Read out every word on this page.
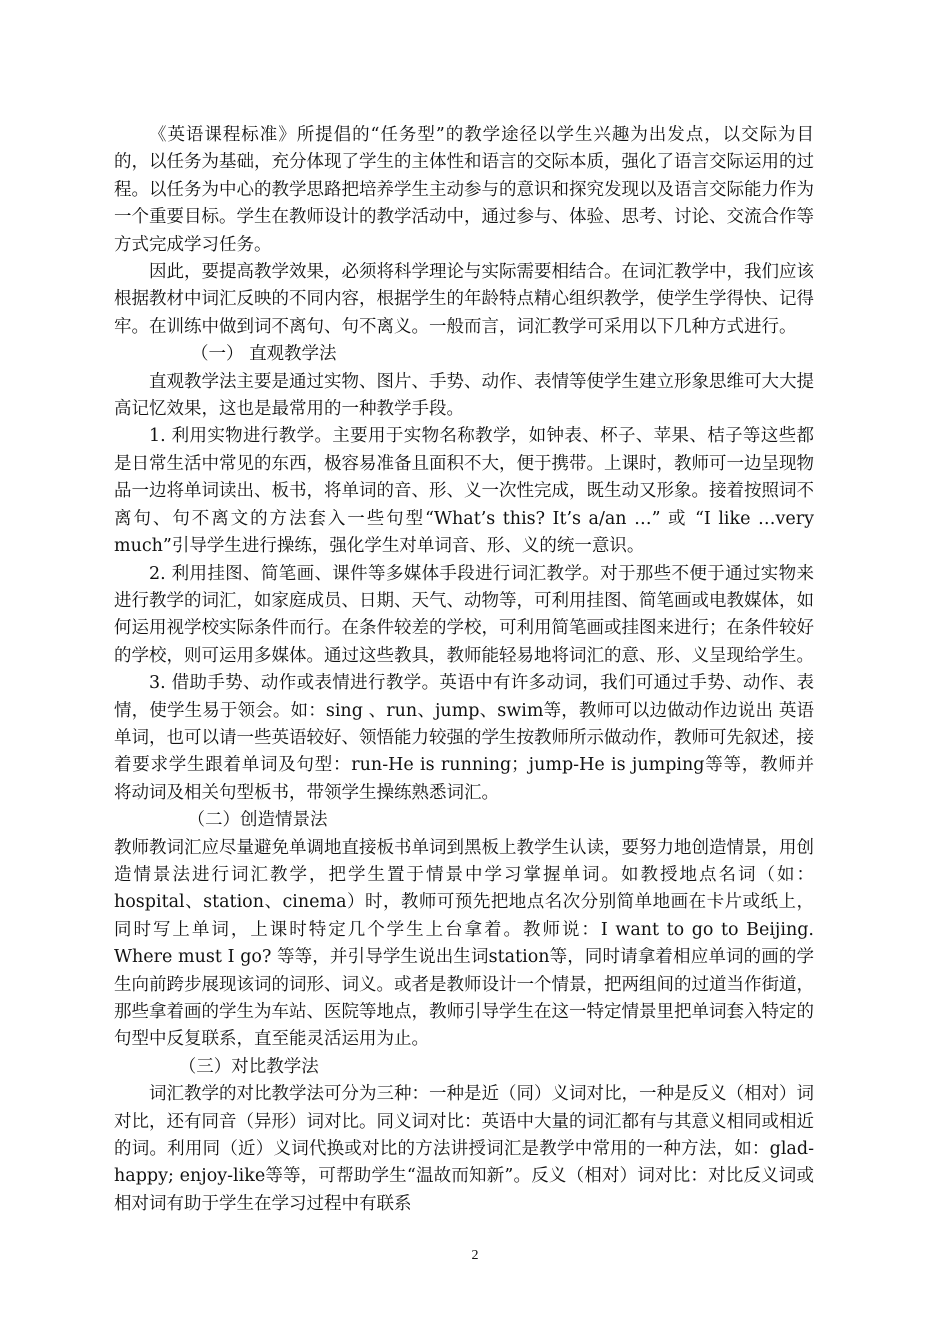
《英语课程标准》所提倡的“任务型”的教学途径以学生兴趣为出发点，以交际为目的，以任务为基础，充分体现了学生的主体性和语言的交际本质，强化了语言交际运用的过程。以任务为中心的教学思路把培养学生主动参与的意识和探究发现以及语言交际能力作为一个重要目标。学生在教师设计的教学活动中，通过参与、体验、思考、讨论、交流合作等方式完成学习任务。

因此，要提高教学效果，必须将科学理论与实际需要相结合。在词汇教学中，我们应该根据教材中词汇反映的不同内容，根据学生的年龄特点精心组织教学，使学生学得快、记得牢。在训练中做到词不离句、句不离义。一般而言，词汇教学可采用以下几种方式进行。

（一） 直观教学法

直观教学法主要是通过实物、图片、手势、动作、表情等使学生建立形象思维可大大提高记忆效果，这也是最常用的一种教学手段。

1. 利用实物进行教学。主要用于实物名称教学，如钟表、杯子、苹果、桔子等这些都是日常生活中常见的东西，极容易准备且面积不大，便于携带。上课时，教师可一边呈现物品一边将单词读出、板书，将单词的音、形、义一次性完成，既生动又形象。接着按照词不离句、句不离文的方法套入一些句型“What’s this? It’s a/an …” 或 “I like …very much”引导学生进行操练，强化学生对单词音、形、义的统一意识。

2. 利用挂图、简笔画、课件等多媒体手段进行词汇教学。对于那些不便于通过实物来进行教学的词汇，如家庭成员、日期、天气、动物等，可利用挂图、简笔画或电教媒体，如何运用视学校实际条件而行。在条件较差的学校，可利用简笔画或挂图来进行；在条件较好的学校，则可运用多媒体。通过这些教具，教师能轻易地将词汇的意、形、义呈现给学生。

3. 借助手势、动作或表情进行教学。英语中有许多动词，我们可通过手势、动作、表情，使学生易于领会。如：sing 、run、jump、swim等，教师可以边做动作边说出 英语单词，也可以请一些英语较好、领悟能力较强的学生按教师所示做动作，教师可先叙述，接着要求学生跟着单词及句型：run-He is running；jump-He is jumping等等，教师并将动词及相关句型板书，带领学生操练熟悉词汇。

（二）创造情景法

教师教词汇应尽量避免单调地直接板书单词到黑板上教学生认读，要努力地创造情景，用创造情景法进行词汇教学，把学生置于情景中学习掌握单词。如教授地点名词（如：hospital、station、cinema）时，教师可预先把地点名次分别简单地画在卡片或纸上，同时写上单词，上课时特定几个学生上台拿着。教师说：I want to go to Beijing. Where must I go? 等等，并引导学生说出生词station等，同时请拿着相应单词的画的学生向前跨步展现该词的词形、词义。或者是教师设计一个情景，把两组间的过道当作街道，那些拿着画的学生为车站、医院等地点，教师引导学生在这一特定情景里把单词套入特定的句型中反复联系，直至能灵活运用为止。

（三）对比教学法

词汇教学的对比教学法可分为三种：一种是近（同）义词对比，一种是反义（相对）词对比，还有同音（异形）词对比。同义词对比：英语中大量的词汇都有与其意义相同或相近的词。利用同（近）义词代换或对比的方法讲授词汇是教学中常用的一种方法，如：glad-happy; enjoy-like等等，可帮助学生“温故而知新”。反义（相对）词对比：对比反义词或相对词有助于学生在学习过程中有联系

2
